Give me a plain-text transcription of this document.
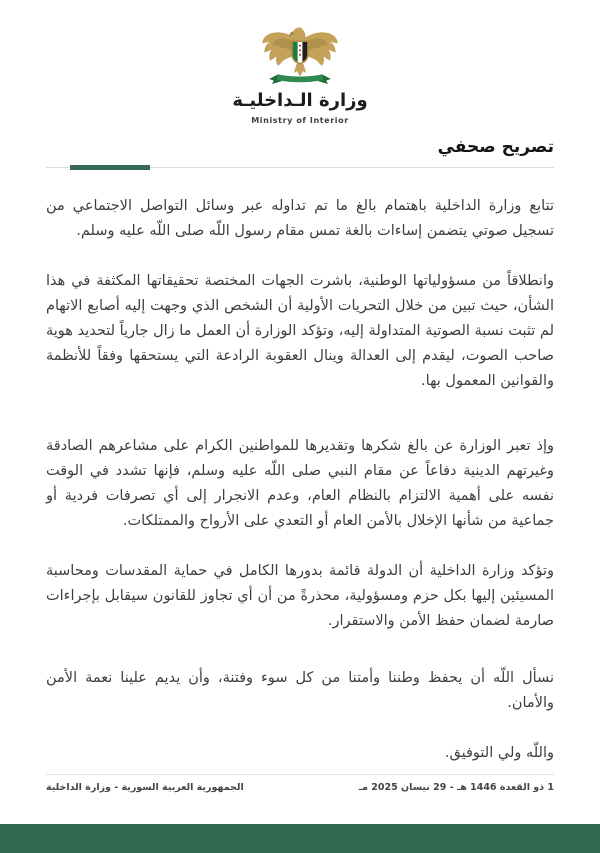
وزارة الـداخليـة
Ministry of Interior
تصريح صحفي

تتابع وزارة الداخلية باهتمام بالغ ما تم تداوله عبر وسائل التواصل الاجتماعي من تسجيل صوتي يتضمن إساءات بالغة تمس مقام رسول اللّه صلى اللّه عليه وسلم.

وانطلاقاً من مسؤولياتها الوطنية، باشرت الجهات المختصة تحقيقاتها المكثفة في هذا الشأن، حيث تبين من خلال التحريات الأولية أن الشخص الذي وجهت إليه أصابع الاتهام لم تثبت نسبة الصوتية المتداولة إليه، وتؤكد الوزارة أن العمل ما زال جارياً لتحديد هوية صاحب الصوت، ليقدم إلى العدالة وينال العقوبة الرادعة التي يستحقها وفقاً للأنظمة والقوانين المعمول بها.

وإذ تعبر الوزارة عن بالغ شكرها وتقديرها للمواطنين الكرام على مشاعرهم الصادقة وغيرتهم الدينية دفاعاً عن مقام النبي صلى اللّه عليه وسلم، فإنها تشدد في الوقت نفسه على أهمية الالتزام بالنظام العام، وعدم الانجرار إلى أي تصرفات فردية أو جماعية من شأنها الإخلال بالأمن العام أو التعدي على الأرواح والممتلكات.

وتؤكد وزارة الداخلية أن الدولة قائمة بدورها الكامل في حماية المقدسات ومحاسبة المسيئين إليها بكل حزم ومسؤولية، محذرةً من أن أي تجاوز للقانون سيقابل بإجراءات صارمة لضمان حفظ الأمن والاستقرار.

نسأل اللّه أن يحفظ وطننا وأمتنا من كل سوء وفتنة، وأن يديم علينا نعمة الأمن والأمان.

واللّه ولي التوفيق.

1 ذو القعدة 1446 هـ - 29 نيسان 2025 مـ
الجمهورية العربية السورية - وزارة الداخلية
